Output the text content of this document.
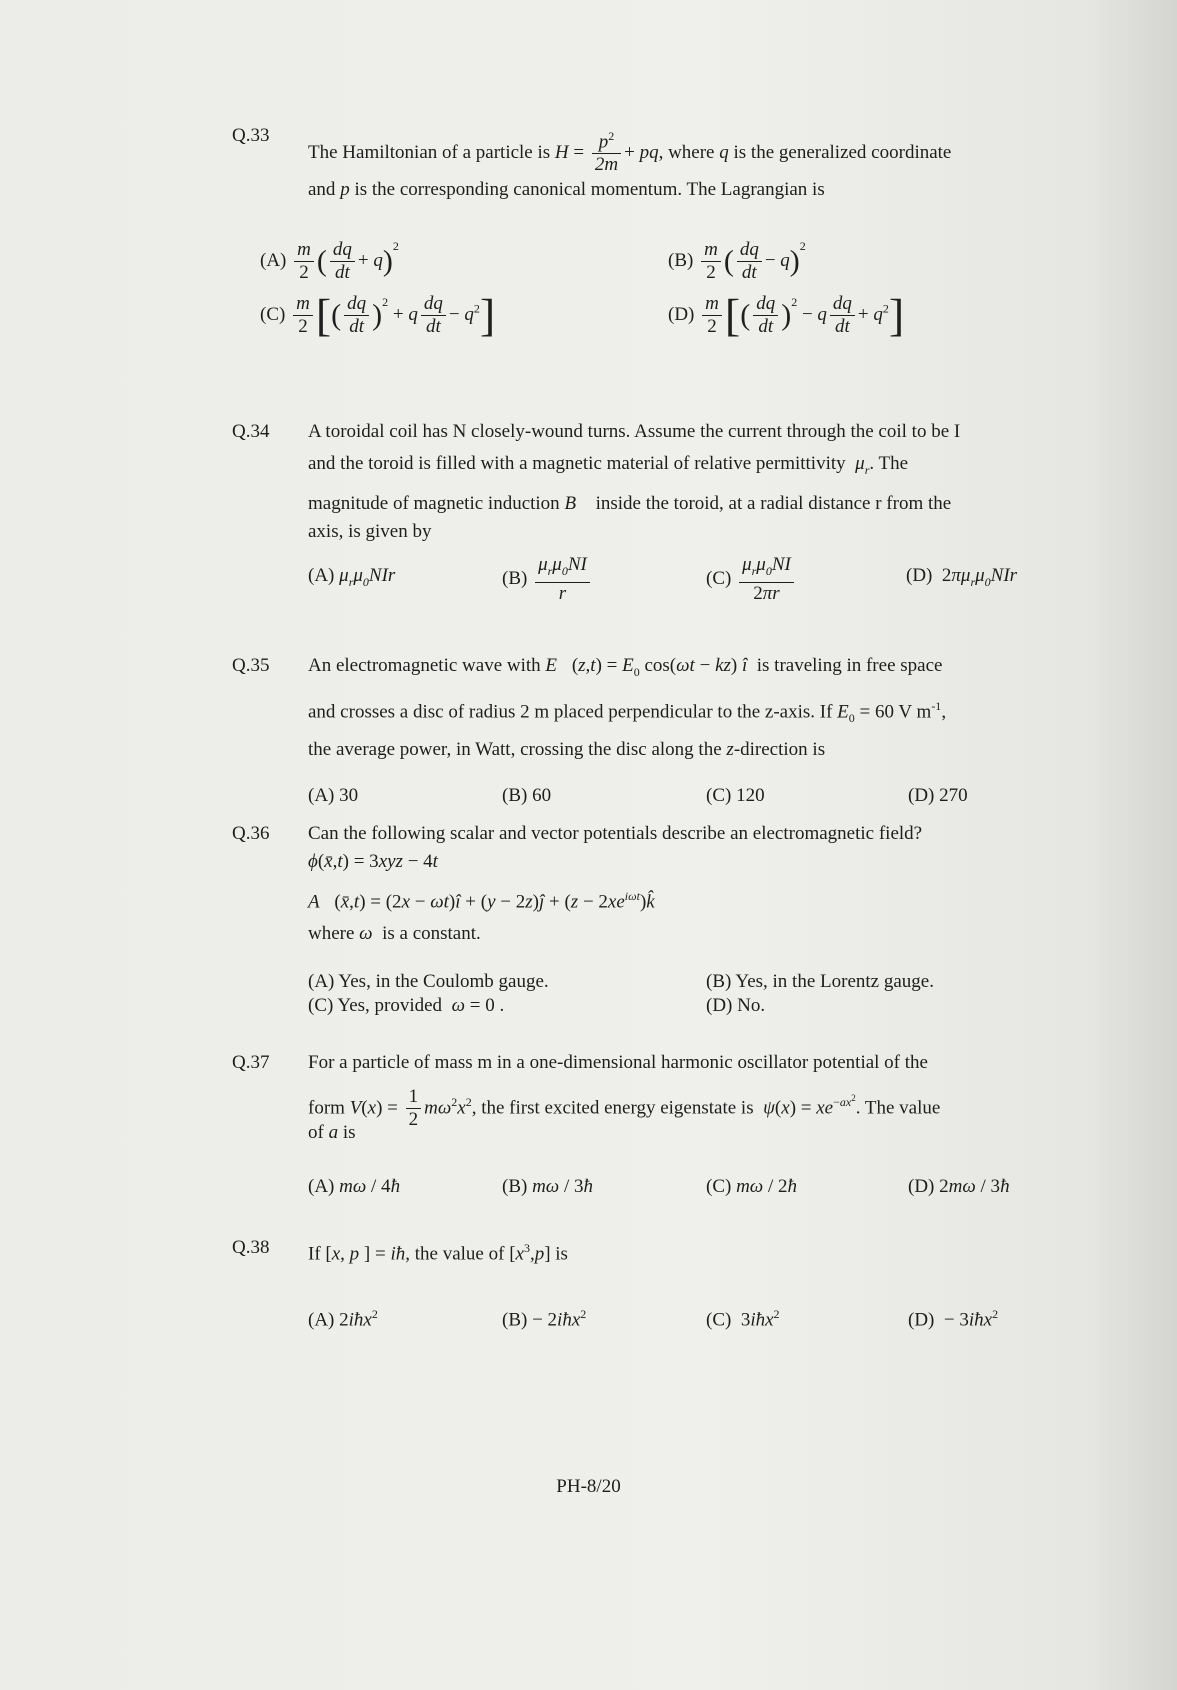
Q.33
The Hamiltonian of a particle is $H = \frac{p^2}{2m}$ + pq, where q is the generalized coordinate
and p is the corresponding canonical momentum. The Lagrangian is
$(A) \frac{m}{2}$ ( $\frac{dq}{dt} + q)^2$
$(B) \frac{m}{2}$ ( $\frac{dq}{dt} - q)^2$
$(C) \frac{m}{2}$ [( $\frac{dq}{dt} )^2 + q \frac{dq}{dt} - q^2$]	$(D) \frac{m}{2}$ [( $\frac{dq}{dt} )^2 - q \frac{dq}{dt} + q^2$]
Q.34 A toroidal coil has N closely-wound turns. Assume the current through the coil to be I
and the toroid is filled with a magnetic material of relative permittivity $\mu_r$. The
magnitude of magnetic induction B⃗ inside the toroid, at a radial distance r from the
axis, is given by
(A) $\mu_r\mu_0NIr$	$(B) \frac{\mu_r\mu_0NI}{r}$	$(C) \frac{\mu_r\mu_0NI}{2\pi r}$	(D)  $2\pi\mu_r\mu_0NIr$
Q.35 An electromagnetic wave with E⃗(z,t) = $E_0$ cos(ωt − kz) î is traveling in free space
and crosses a disc of radius 2 m placed perpendicular to the z-axis. If $E_0 = 60$ V $m^{-1}$,
the average power, in Watt, crossing the disc along the z-direction is
(A) 30	(B) 60	(C) 120	(D) 270
Q.36 Can the following scalar and vector potentials describe an electromagnetic field?
ϕ(x̄,t) = 3xyz − 4t
A⃗(x̄,t) = (2x − ωt)î + (y − 2z)ĵ + $(z - 2xe^{i\omega t})k̂$
where ω is a constant.
(A) Yes, in the Coulomb gauge.	(B) Yes, in the Lorentz gauge.
(C) Yes, provided ω = 0 .	(D) No.
Q.37 For a particle of mass m in a one-dimensional harmonic oscillator potential of the
form $V(x) = \frac{1}{2} m\omega^2x^2$, the first excited energy eigenstate is $\psi(x) = xe^{-ax^2}$. The value
of a is
(A) mω / 4ħ	(B) mω / 3ħ	(C) mω / 2ħ	(D) 2mω / 3ħ
Q.38 If [x, p ] = iħ, the value of $[x^3,p]$ is
(A) 2iħx$^2$	(B) − 2iħx$^2$	(C)  3iħx$^2$	(D)  − 3iħx$^2$
PH-8/20
